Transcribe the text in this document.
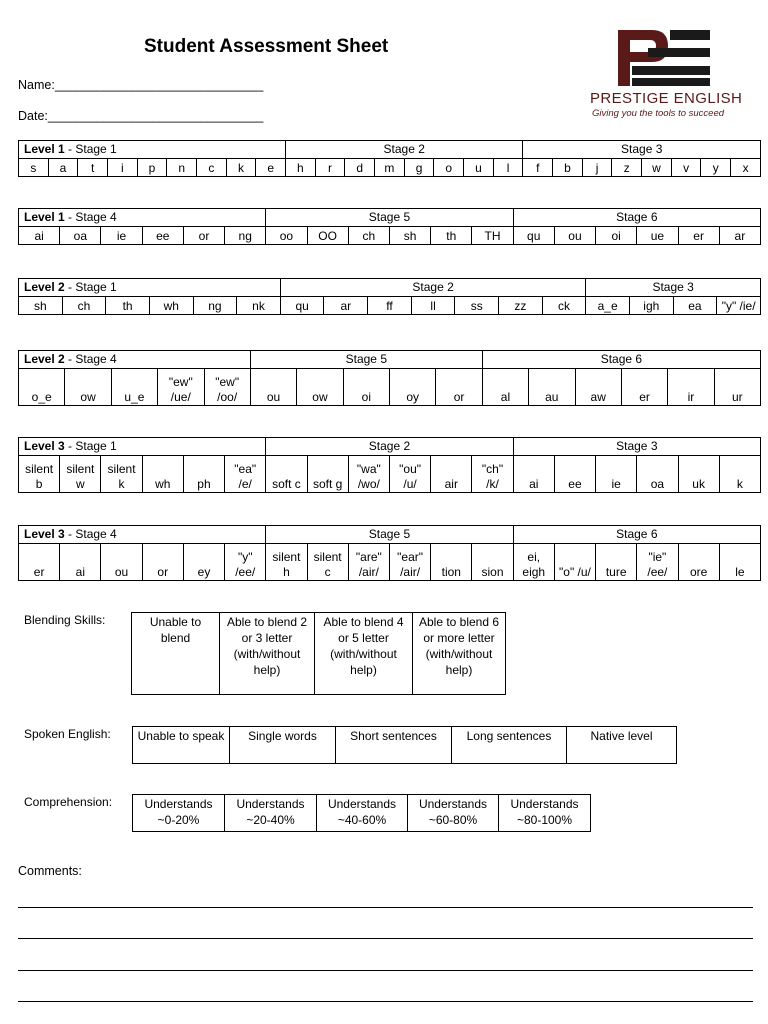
Student Assessment Sheet
Name:______________________________
Date:_______________________________
PRESTIGE ENGLISH
Giving you the tools to succeed
Level 1 - Stage 1									Stage 2								Stage 3							
s	a	t	i	p	n	c	k	e	h	r	d	m	g	o	u	l	f	b	j	z	w	v	y	x
Level 1 - Stage 4						Stage 5						Stage 6					
ai	oa	ie	ee	or	ng	oo	OO	ch	sh	th	TH	qu	ou	oi	ue	er	ar
Level 2 - Stage 1						Stage 2							Stage 3			
sh	ch	th	wh	ng	nk	qu	ar	ff	ll	ss	zz	ck	a_e	igh	ea	"y" /ie/
Level 2 - Stage 4					Stage 5					Stage 6					
o_e	ow	u_e	"ew" /ue/	"ew" /oo/	ou	ow	oi	oy	or	al	au	aw	er	ir	ur
Level 3 - Stage 1						Stage 2						Stage 3					
silent b	silent w	silent k	wh	ph	"ea" /e/	soft c	soft g	"wa" /wo/	"ou" /u/	air	"ch" /k/	ai	ee	ie	oa	uk	k
Level 3 - Stage 4						Stage 5						Stage 6					
er	ai	ou	or	ey	"y" /ee/	silent h	silent c	"are" /air/	"ear" /air/	tion	sion	ei, eigh	"o" /u/	ture	"ie" /ee/	ore	le
Blending Skills:	Unable to blend	Able to blend 2 or 3 letter (with/without help)	Able to blend 4 or 5 letter (with/without help)	Able to blend 6 or more letter (with/without help)
Spoken English: Unable to speak	Single words	Short sentences	Long sentences	Native level
Comprehension:	Understands ~0-20%	Understands ~20-40%	Understands ~40-60%	Understands ~60-80%	Understands ~80-100%
Comments:
